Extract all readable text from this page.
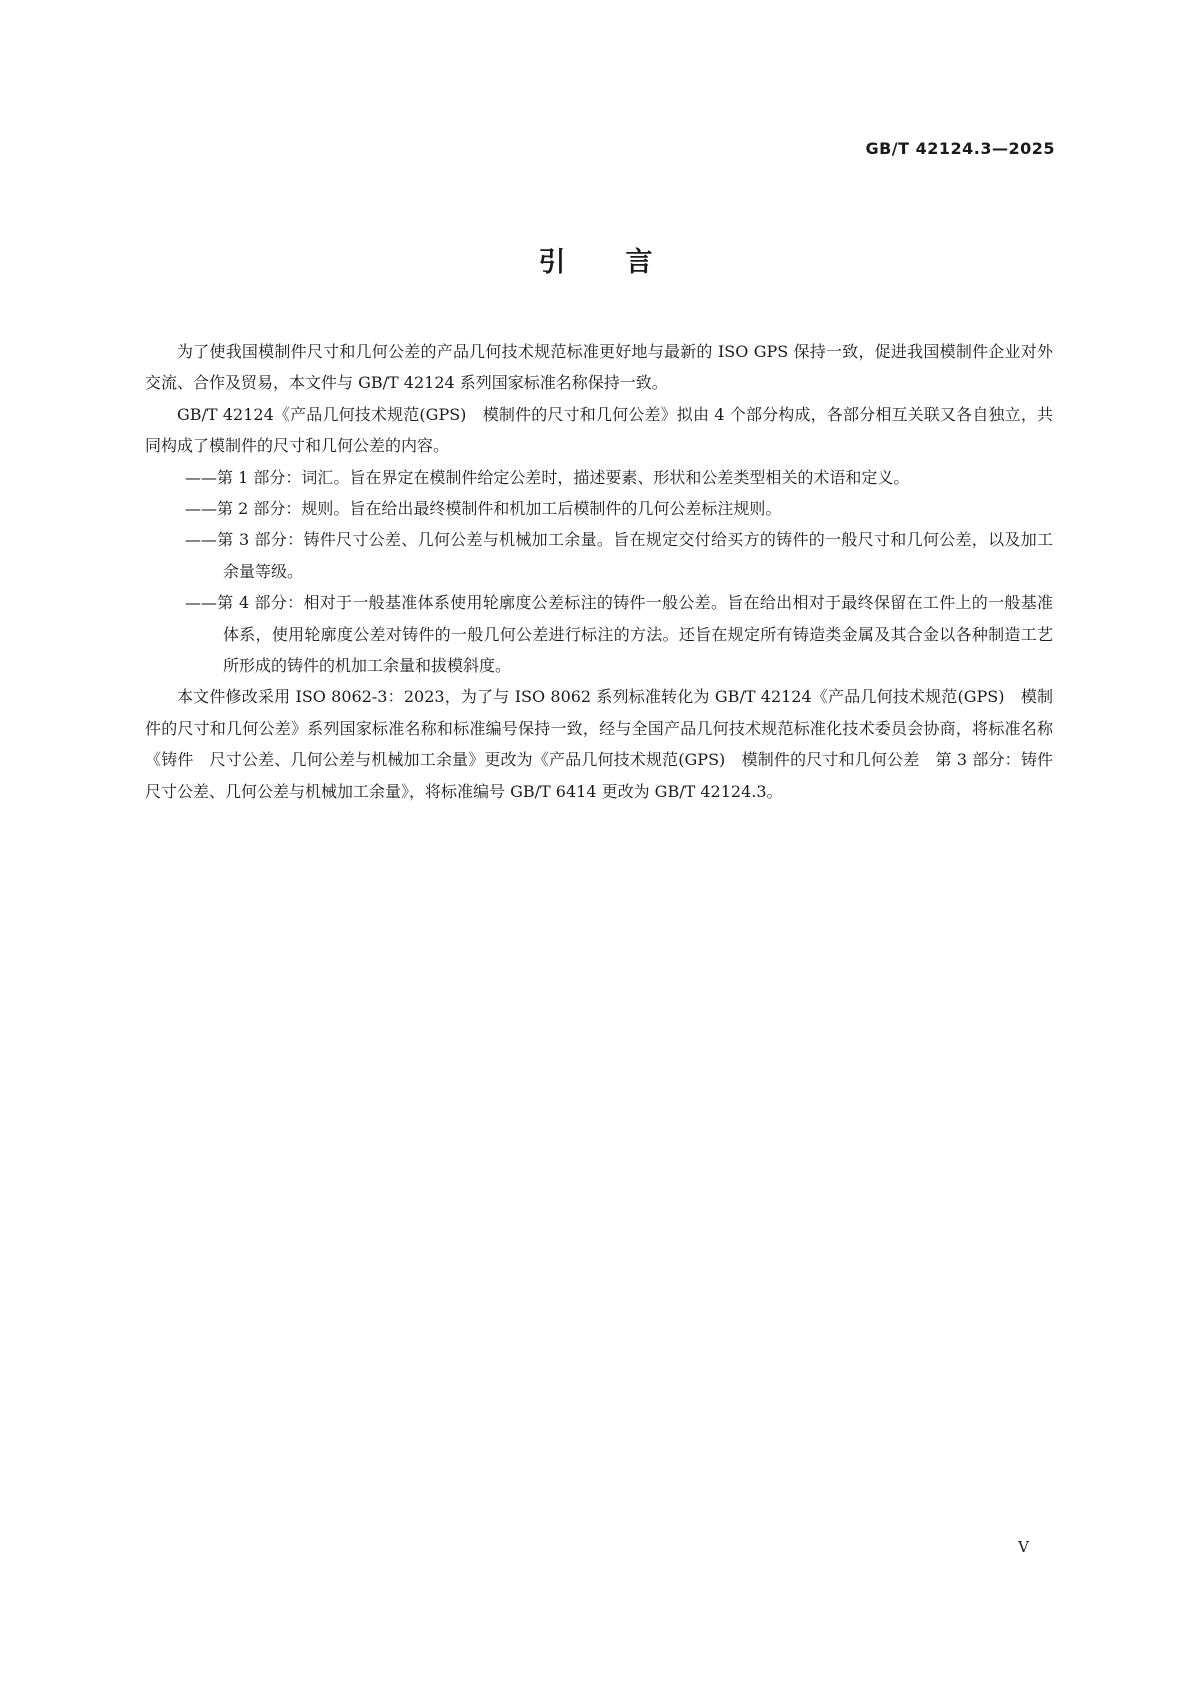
GB/T 42124.3—2025
引言

为了使我国模制件尺寸和几何公差的产品几何技术规范标准更好地与最新的 ISO GPS 保持一致，促进我国模制件企业对外交流、合作及贸易，本文件与 GB/T 42124 系列国家标准名称保持一致。

GB/T 42124《产品几何技术规范(GPS)　模制件的尺寸和几何公差》拟由 4 个部分构成，各部分相互关联又各自独立，共同构成了模制件的尺寸和几何公差的内容。

——第 1 部分：词汇。旨在界定在模制件给定公差时，描述要素、形状和公差类型相关的术语和定义。

——第 2 部分：规则。旨在给出最终模制件和机加工后模制件的几何公差标注规则。

——第 3 部分：铸件尺寸公差、几何公差与机械加工余量。旨在规定交付给买方的铸件的一般尺寸和几何公差，以及加工余量等级。

——第 4 部分：相对于一般基准体系使用轮廓度公差标注的铸件一般公差。旨在给出相对于最终保留在工件上的一般基准体系，使用轮廓度公差对铸件的一般几何公差进行标注的方法。还旨在规定所有铸造类金属及其合金以各种制造工艺所形成的铸件的机加工余量和拔模斜度。

本文件修改采用 ISO 8062-3：2023，为了与 ISO 8062 系列标准转化为 GB/T 42124《产品几何技术规范(GPS)　模制件的尺寸和几何公差》系列国家标准名称和标准编号保持一致，经与全国产品几何技术规范标准化技术委员会协商，将标准名称《铸件　尺寸公差、几何公差与机械加工余量》更改为《产品几何技术规范(GPS)　模制件的尺寸和几何公差　第 3 部分：铸件尺寸公差、几何公差与机械加工余量》，将标准编号 GB/T 6414 更改为 GB/T 42124.3。

V
